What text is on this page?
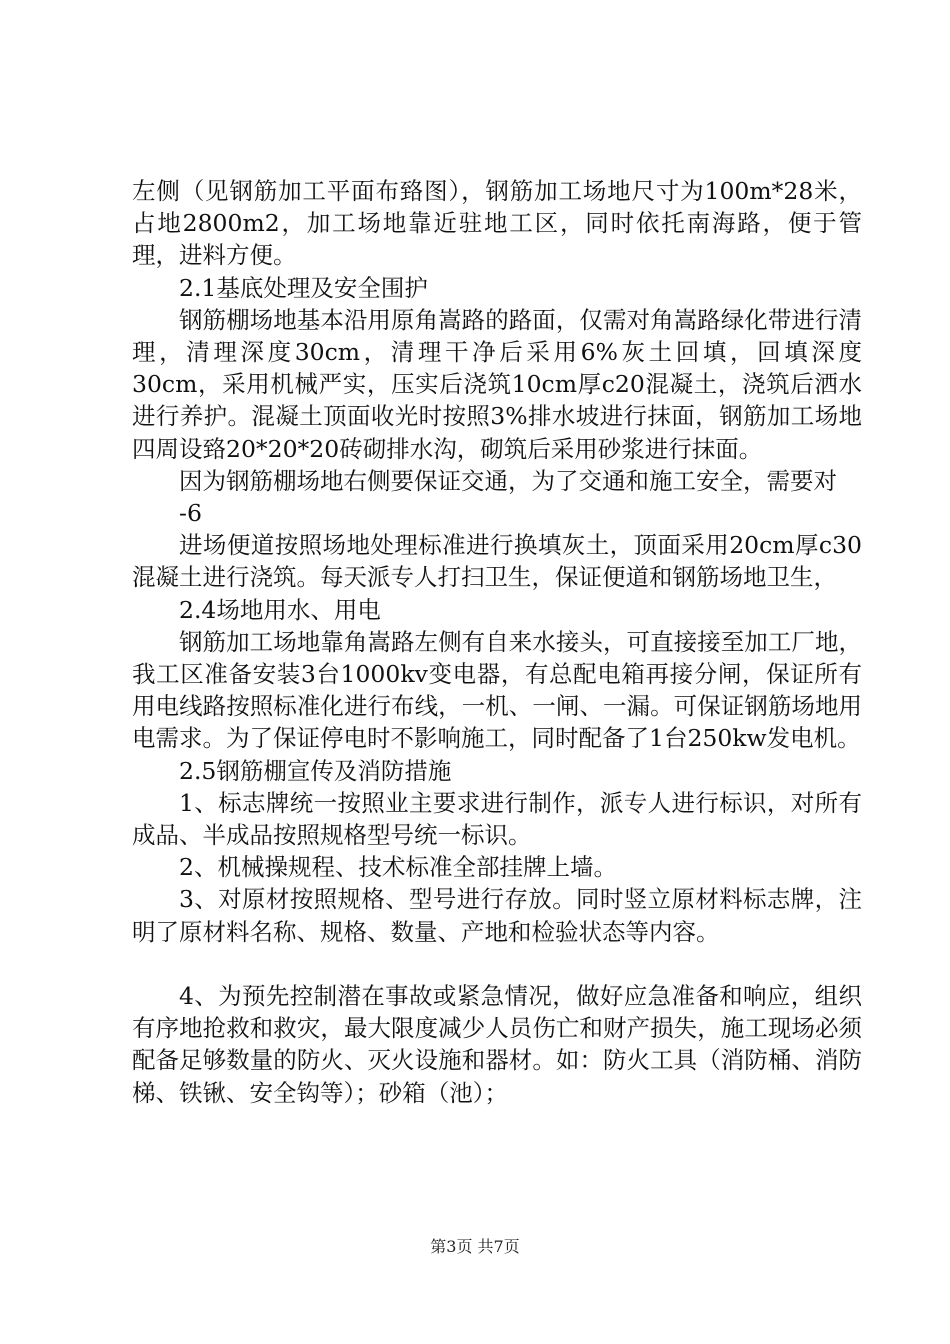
左侧（见钢筋加工平面布臵图），钢筋加工场地尺寸为100m*28米，占地2800m2，加工场地靠近驻地工区，同时依托南海路，便于管理，进料方便。

2.1基底处理及安全围护

钢筋棚场地基本沿用原角嵩路的路面，仅需对角嵩路绿化带进行清理，清理深度30cm，清理干净后采用6%灰土回填，回填深度30cm，采用机械严实，压实后浇筑10cm厚c20混凝土，浇筑后洒水进行养护。混凝土顶面收光时按照3%排水坡进行抹面，钢筋加工场地四周设臵20*20*20砖砌排水沟，砌筑后采用砂浆进行抹面。

因为钢筋棚场地右侧要保证交通，为了交通和施工安全，需要对

-6

进场便道按照场地处理标准进行换填灰土，顶面采用20cm厚c30混凝土进行浇筑。每天派专人打扫卫生，保证便道和钢筋场地卫生，

2.4场地用水、用电

钢筋加工场地靠角嵩路左侧有自来水接头，可直接接至加工厂地，我工区准备安装3台1000kv变电器，有总配电箱再接分闸，保证所有用电线路按照标准化进行布线，一机、一闸、一漏。可保证钢筋场地用电需求。为了保证停电时不影响施工，同时配备了1台250kw发电机。

2.5钢筋棚宣传及消防措施

1、标志牌统一按照业主要求进行制作，派专人进行标识，对所有成品、半成品按照规格型号统一标识。

2、机械操规程、技术标准全部挂牌上墙。

3、对原材按照规格、型号进行存放。同时竖立原材料标志牌，注明了原材料名称、规格、数量、产地和检验状态等内容。

4、为预先控制潜在事故或紧急情况，做好应急准备和响应，组织有序地抢救和救灾，最大限度减少人员伤亡和财产损失，施工现场必须配备足够数量的防火、灭火设施和器材。如：防火工具（消防桶、消防梯、铁锹、安全钩等）；砂箱（池）；

第3页 共7页
